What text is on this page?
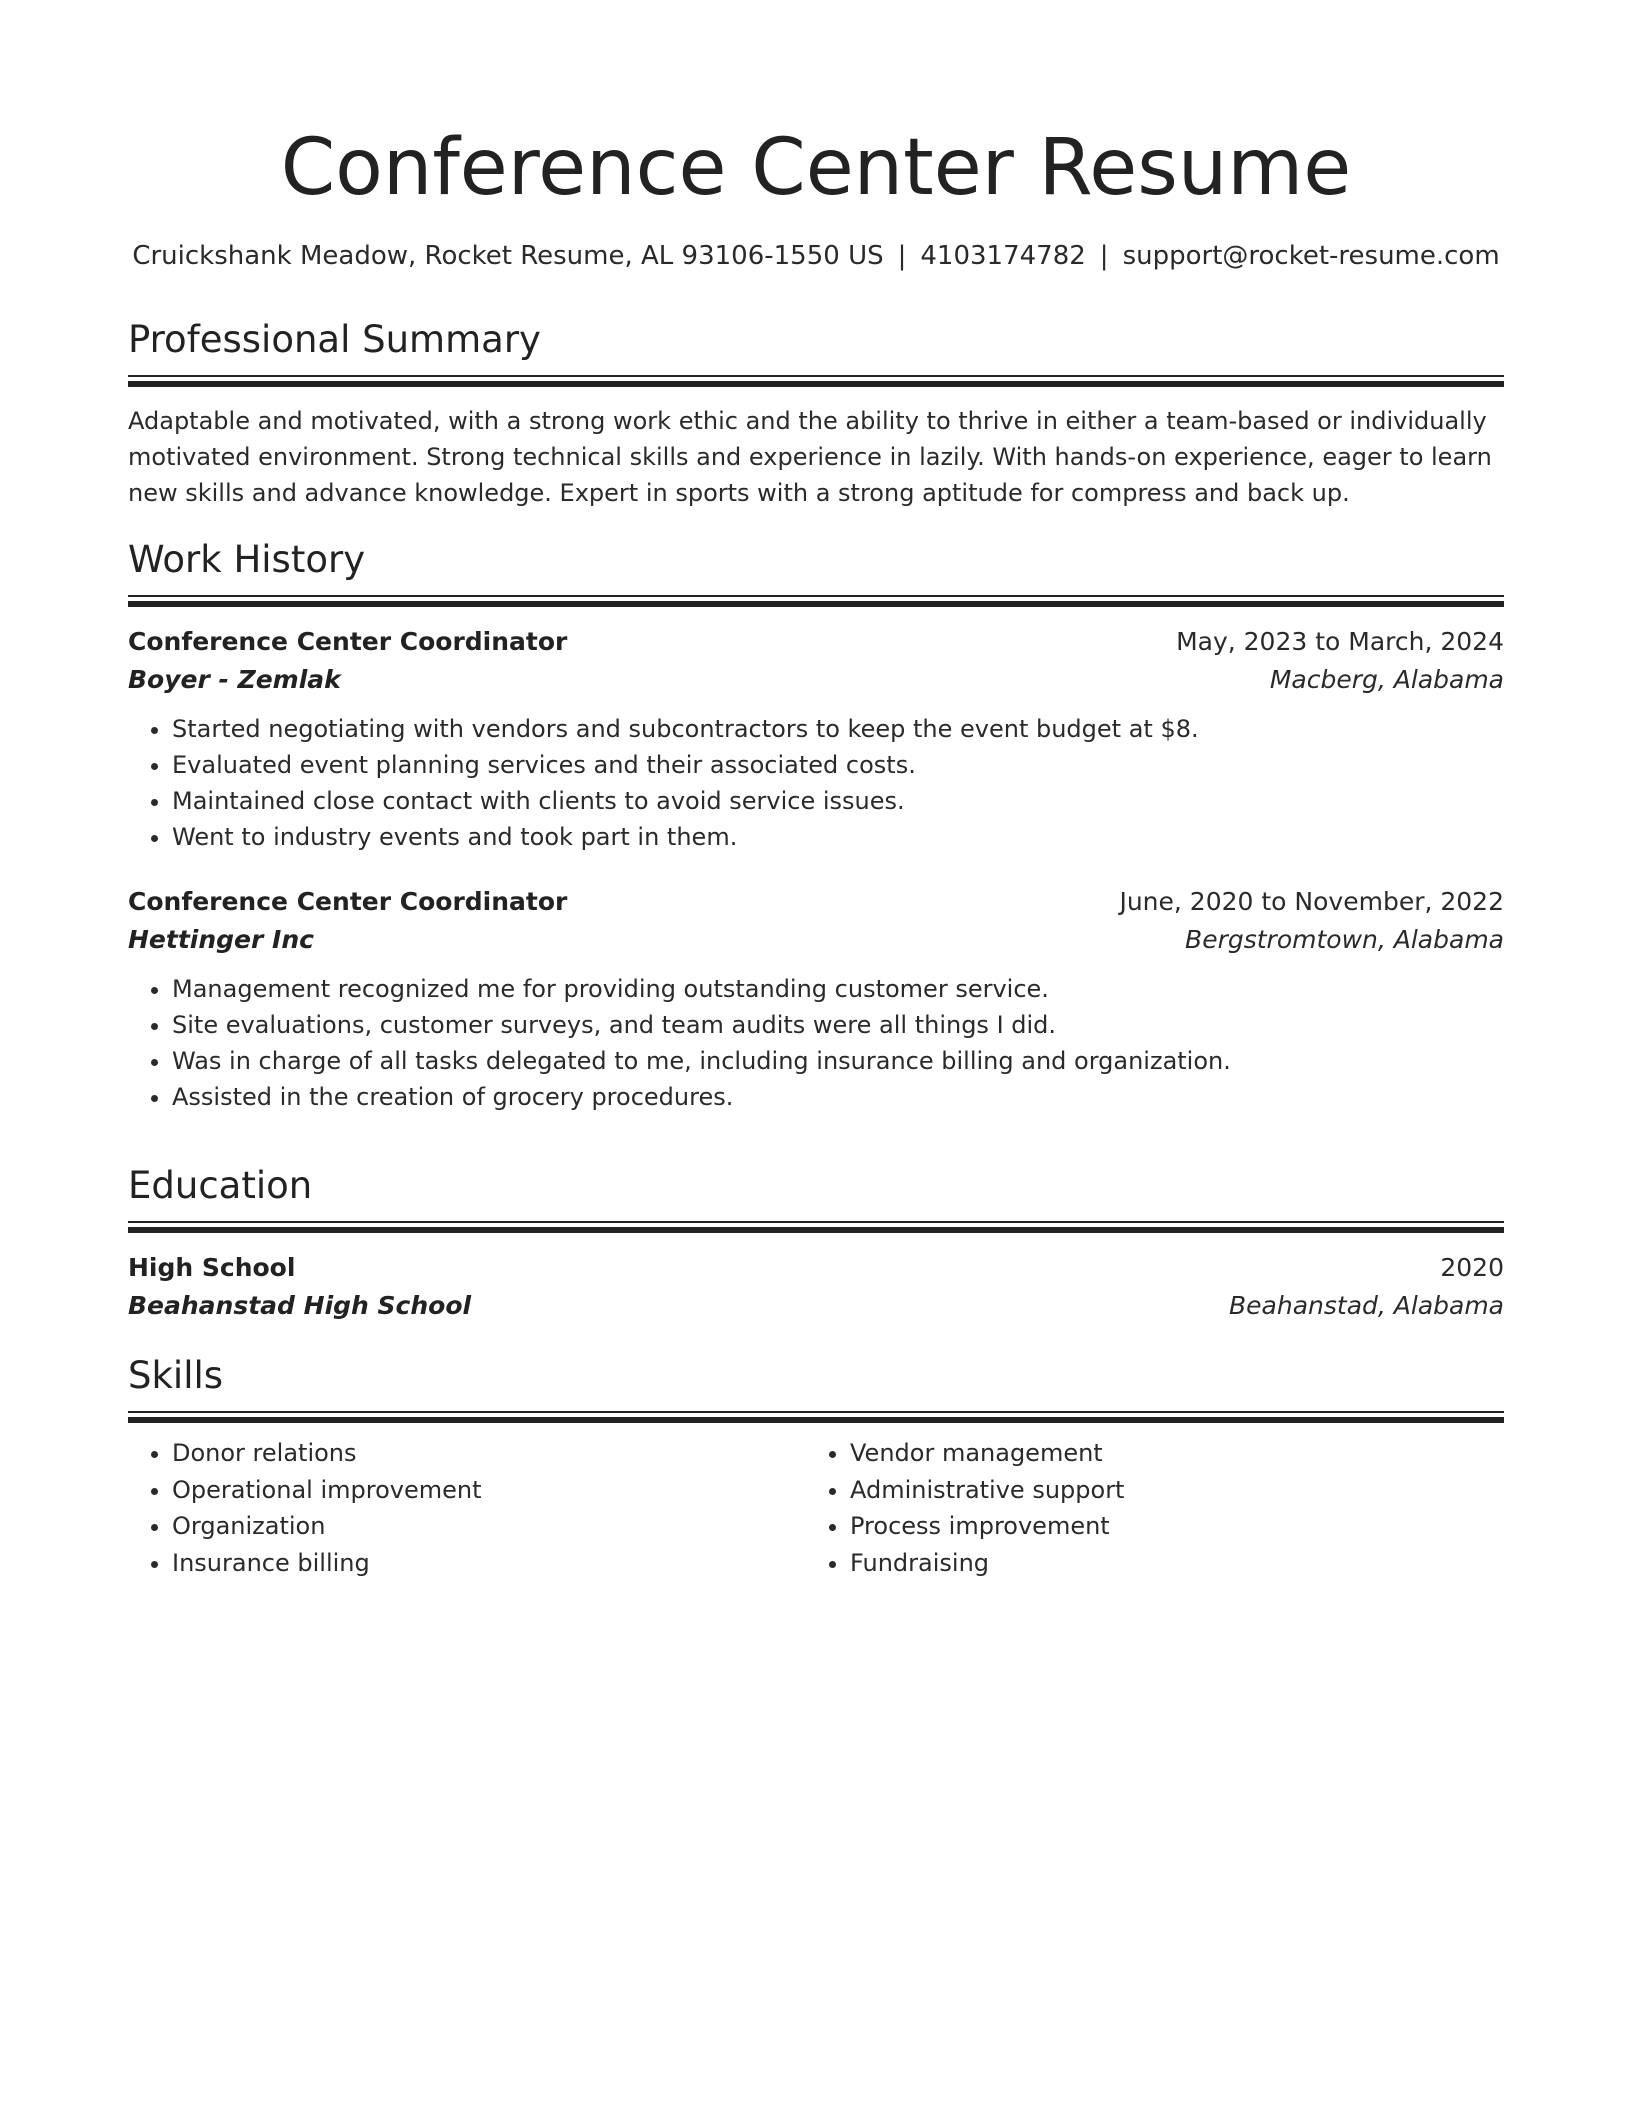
Conference Center Resume
Cruickshank Meadow, Rocket Resume, AL 93106-1550 US | 4103174782 | support@rocket-resume.com
Professional Summary
Adaptable and motivated, with a strong work ethic and the ability to thrive in either a team-based or individually motivated environment. Strong technical skills and experience in lazily. With hands-on experience, eager to learn new skills and advance knowledge. Expert in sports with a strong aptitude for compress and back up.
Work History
Conference Center Coordinator	May, 2023 to March, 2024
Boyer - Zemlak	Macberg, Alabama
• Started negotiating with vendors and subcontractors to keep the event budget at $8.
• Evaluated event planning services and their associated costs.
• Maintained close contact with clients to avoid service issues.
• Went to industry events and took part in them.
Conference Center Coordinator	June, 2020 to November, 2022
Hettinger Inc	Bergstromtown, Alabama
• Management recognized me for providing outstanding customer service.
• Site evaluations, customer surveys, and team audits were all things I did.
• Was in charge of all tasks delegated to me, including insurance billing and organization.
• Assisted in the creation of grocery procedures.
Education
High School	2020
Beahanstad High School	Beahanstad, Alabama
Skills
• Donor relations
• Operational improvement
• Organization
• Insurance billing
• Vendor management
• Administrative support
• Process improvement
• Fundraising
